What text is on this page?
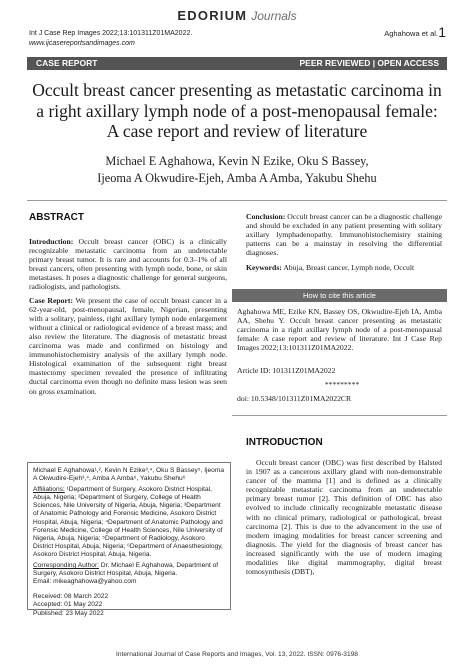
EDORIUM Journals
Int J Case Rep Images 2022;13:101311Z01MA2022.
www.ijcasereportsandimages.com
Aghahowa et al. 1
CASE REPORT	PEER REVIEWED | OPEN ACCESS
Occult breast cancer presenting as metastatic carcinoma in
a right axillary lymph node of a post-menopausal female:
A case report and review of literature
Michael E Aghahowa, Kevin N Ezike, Oku S Bassey,
Ijeoma A Okwudire-Ejeh, Amba A Amba, Yakubu Shehu
ABSTRACT

Introduction: Occult breast cancer (OBC) is a clinically recognizable metastatic carcinoma from an undetectable primary breast tumor. It is rare and accounts for 0.3–1% of all breast cancers, often presenting with lymph node, bone, or skin metastases. It poses a diagnostic challenge for general surgeons, radiologists, and pathologists.

Case Report: We present the case of occult breast cancer in a 62-year-old, post-menopausal, female, Nigerian, presenting with a solitary, painless, right axillary lymph node enlargement without a clinical or radiological evidence of a breast mass; and also review the literature. The diagnosis of metastatic breast carcinoma was made and confirmed on histology and immunohistochemistry analysis of the axillary lymph node. Histological examination of the subsequent right breast mastectomy specimen revealed the presence of infiltrating ductal carcinoma even though no definite mass lesion was seen on gross examination.

Michael E Aghahowa¹,², Kevin N Ezike³,⁴, Oku S Bassey⁵, Ijeoma A Okwudire-Ejeh³,⁴, Amba A Amba⁶, Yakubu Shehu⁶

Affiliations: ¹Department of Surgery, Asokoro District Hospital, Abuja, Nigeria; ²Department of Surgery, College of Health Sciences, Nile University of Nigeria, Abuja, Nigeria; ³Department of Anatomic Pathology and Forensic Medicine, Asokoro District Hospital, Abuja, Nigeria; ⁴Department of Anatomic Pathology and Forensic Medicine, College of Health Sciences, Nile University of Nigeria, Abuja, Nigeria; ⁵Department of Radiology, Asokoro District Hospital, Abuja, Nigeria; ⁶Department of Anaesthesiology, Asokoro District Hospital, Abuja, Nigeria.

Corresponding Author: Dr. Michael E Aghahowa, Department of Surgery, Asokoro District Hospital, Abuja, Nigeria.

Email: mikeaghahowa@yahoo.com

Received: 08 March 2022

Accepted: 01 May 2022

Published: 23 May 2022

Conclusion: Occult breast cancer can be a diagnostic challenge and should be excluded in any patient presenting with solitary axillary lymphadenopathy. Immunohistochemistry staining patterns can be a mainstay in resolving the differential diagnoses.

Keywords: Abuja, Breast cancer, Lymph node, Occult

How to cite this article
Aghahowa ME, Ezike KN, Bassey OS, Okwudire-Ejeh IA, Amba AA, Shehu Y. Occult breast cancer presenting as metastatic carcinoma in a right axillary lymph node of a post-menopausal female: A case report and review of literature. Int J Case Rep Images 2022;13:101311Z01MA2022.
Article ID: 101311Z01MA2022
*********
doi: 10.5348/101311Z01MA2022CR
INTRODUCTION
Occult breast cancer (OBC) was first described by Halsted in 1907 as a cancerous axillary gland with non-demonstrable cancer of the mamma [1] and is defined as a clinically recognizable metastatic carcinoma from an undetectable primary breast tumor [2]. This definition of OBC has also evolved to include clinically recognizable metastatic disease with no clinical primary, radiological or pathological, breast carcinoma [2]. This is due to the advancement in the use of modern imaging modalities for breast cancer screening and diagnosis. The yield for the diagnosis of breast cancer has increased significantly with the use of modern imaging modalities like digital mammography, digital breast tomosynthesis (DBT),
International Journal of Case Reports and Images, Vol. 13, 2022. ISSN: 0976-3198
